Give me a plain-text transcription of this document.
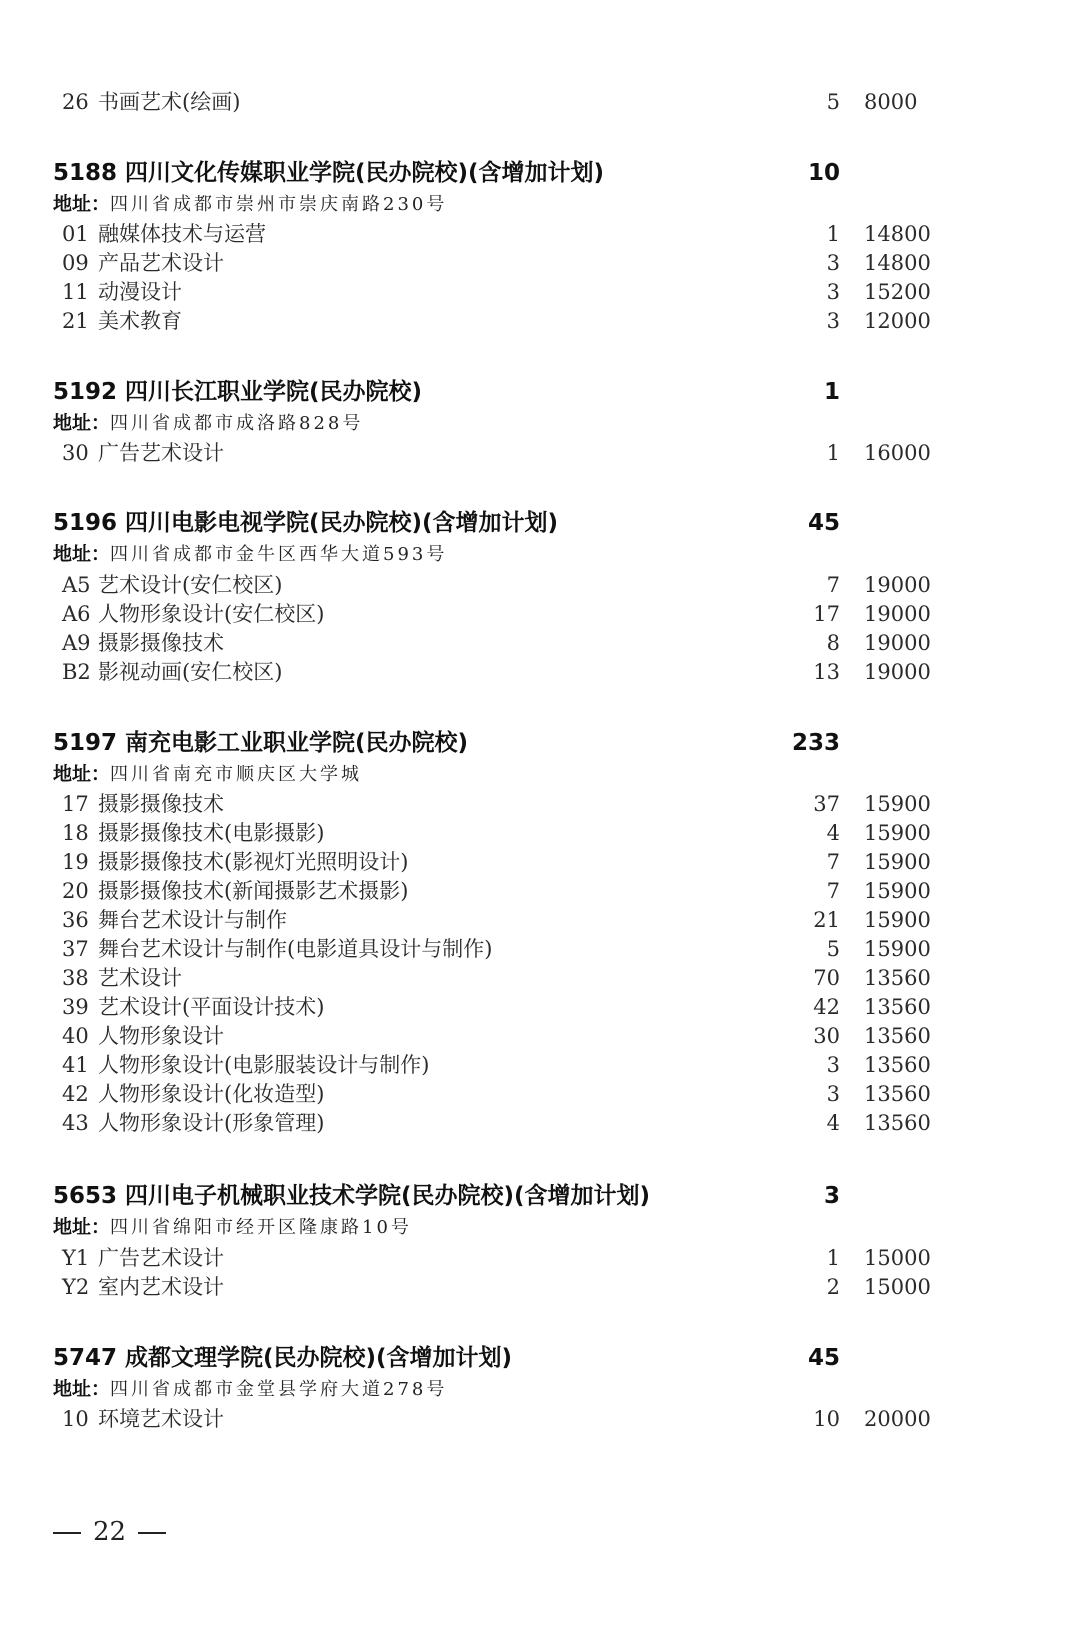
26 书画艺术(绘画)	5 8000
5188 四川文化传媒职业学院(民办院校)(含增加计划)	10
地址：四川省成都市崇州市崇庆南路230号
01 融媒体技术与运营	1 14800
09 产品艺术设计	3 14800
11 动漫设计	3 15200
21 美术教育	3 12000
5192 四川长江职业学院(民办院校)	1
地址：四川省成都市成洛路828号
30 广告艺术设计	1 16000
5196 四川电影电视学院(民办院校)(含增加计划)	45
地址：四川省成都市金牛区西华大道593号
A5 艺术设计(安仁校区)	7 19000
A6 人物形象设计(安仁校区)	17 19000
A9 摄影摄像技术	8 19000
B2 影视动画(安仁校区)	13 19000
5197 南充电影工业职业学院(民办院校)	233
地址：四川省南充市顺庆区大学城
17 摄影摄像技术	37 15900
18 摄影摄像技术(电影摄影)	4 15900
19 摄影摄像技术(影视灯光照明设计)	7 15900
20 摄影摄像技术(新闻摄影艺术摄影)	7 15900
36 舞台艺术设计与制作	21 15900
37 舞台艺术设计与制作(电影道具设计与制作)	5 15900
38 艺术设计	70 13560
39 艺术设计(平面设计技术)	42 13560
40 人物形象设计	30 13560
41 人物形象设计(电影服装设计与制作)	3 13560
42 人物形象设计(化妆造型)	3 13560
43 人物形象设计(形象管理)	4 13560
5653 四川电子机械职业技术学院(民办院校)(含增加计划)	3
地址：四川省绵阳市经开区隆康路10号
Y1 广告艺术设计	1 15000
Y2 室内艺术设计	2 15000
5747 成都文理学院(民办院校)(含增加计划)	45
地址：四川省成都市金堂县学府大道278号
10 环境艺术设计	10 20000
22
